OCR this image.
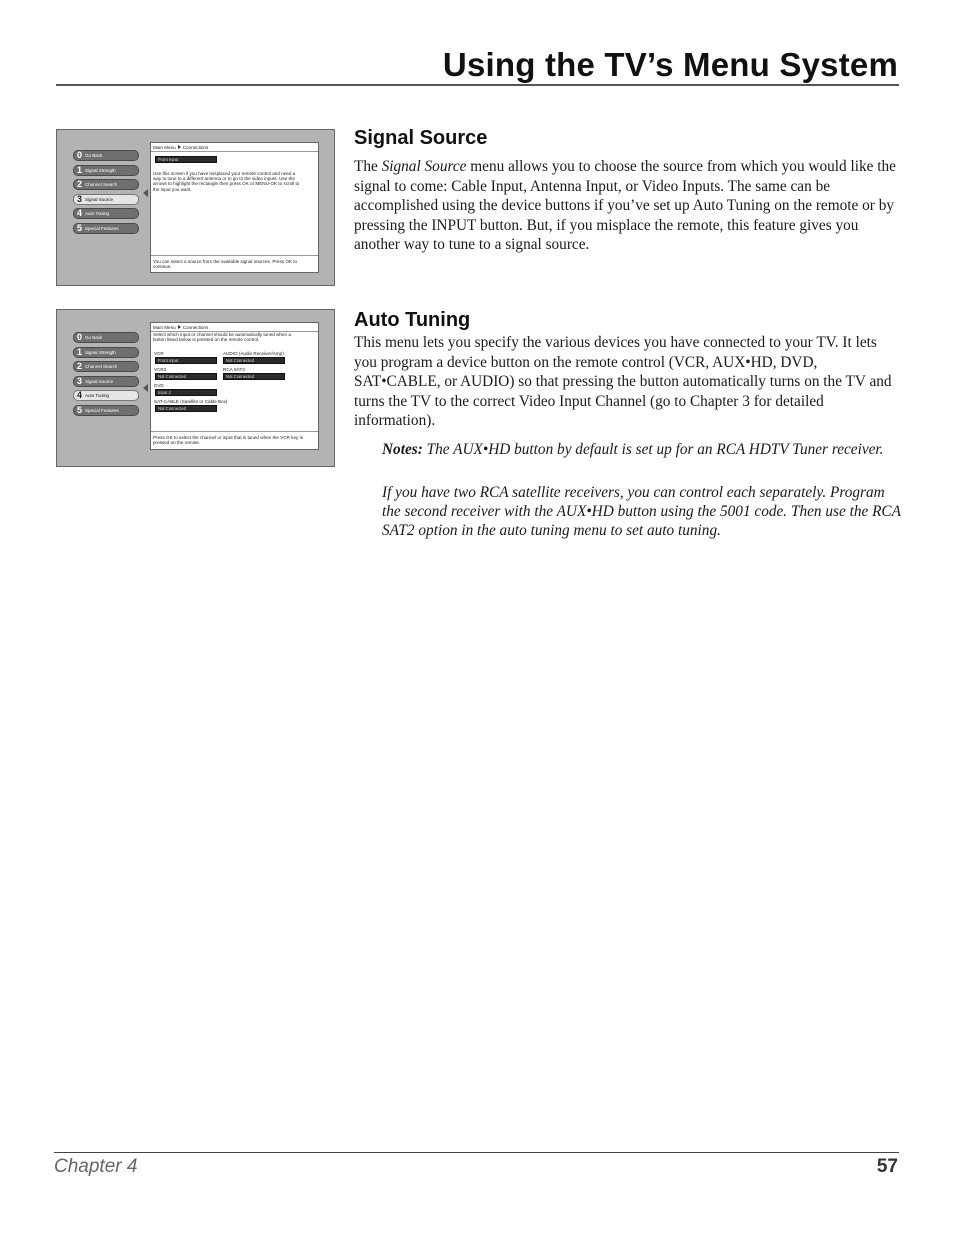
Using the TV’s Menu System
0 Go Back
1 Signal Strength
2 Channel Search
3 Signal Source
4 Auto Tuning
5 Special Features
Main Menu Connections
Front Input
Use this screen if you have misplaced your remote control and need a way to tune to a different antenna or to go to the video inputs. Use the arrows to highlight the rectangle then press OK or MENU-OK to scroll to the input you want.
You can select a source from the available signal sources. Press OK to continue.
Signal Source

The Signal Source menu allows you to choose the source from which you would like the signal to come: Cable Input, Antenna Input, or Video Inputs. The same can be accomplished using the device buttons if you’ve set up Auto Tuning on the remote or by pressing the INPUT button. But, if you misplace the remote, this feature gives you another way to tune to a signal source.

0 Go Back
1 Signal Strength
2 Channel Search
3 Signal Source
4 Auto Tuning
5 Special Features
Main Menu Connections
Select which input or channel should be automatically tuned when a button listed below is pressed on the remote control.
VCR
Front Input
AUDIO (Audio Receiver/Amp)
Not Connected
VCR2
Not Connected
RCA SAT2
Not Connected
DVD
Input 2
SAT-CABLE (Satellite or Cable Box)
Not Connected
Press OK to select the channel or input that is tuned when the VCR key is pressed on the remote.
Auto Tuning

This menu lets you specify the various devices you have connected to your TV. It lets you program a device button on the remote control (VCR, AUX•HD, DVD, SAT•CABLE, or AUDIO) so that pressing the button automatically turns on the TV and turns the TV to the correct Video Input Channel (go to Chapter 3 for detailed information).

Notes: The AUX•HD button by default is set up for an RCA HDTV Tuner receiver.

If you have two RCA satellite receivers, you can control each separately. Program the second receiver with the AUX•HD button using the 5001 code. Then use the RCA SAT2 option in the auto tuning menu to set auto tuning.

Chapter 4	57
